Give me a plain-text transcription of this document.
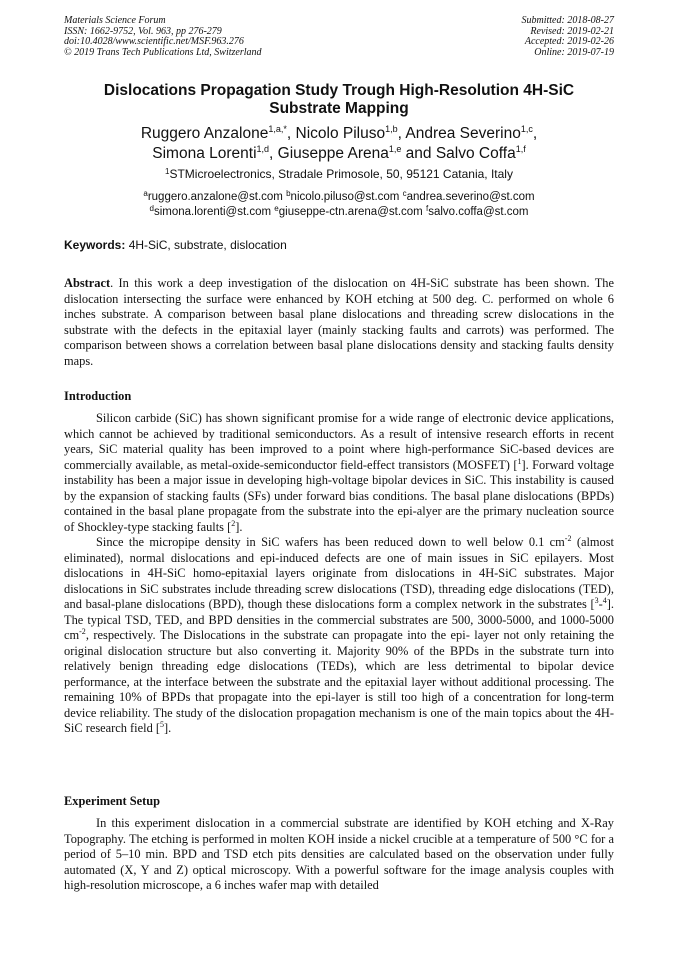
Materials Science Forum
ISSN: 1662-9752, Vol. 963, pp 276-279
doi:10.4028/www.scientific.net/MSF.963.276
© 2019 Trans Tech Publications Ltd, Switzerland
Submitted: 2018-08-27
Revised: 2019-02-21
Accepted: 2019-02-26
Online: 2019-07-19
Dislocations Propagation Study Trough High-Resolution 4H-SiC
Substrate Mapping
Ruggero Anzalone$^{1,a,*}$, Nicolo Piluso$^{1,b}$, Andrea Severino$^{1,c}$,
Simona Lorenti$^{1,d}$, Giuseppe Arena$^{1,e}$ and Salvo Coffa$^{1,f}$
$^1$STMicroelectronics, Stradale Primosole, 50, 95121 Catania, Italy
$^a$ruggero.anzalone@st.com $^b$nicolo.piluso@st.com $^c$andrea.severino@st.com
$^d$simona.lorenti@st.com $^e$giuseppe-ctn.arena@st.com $^f$salvo.coffa@st.com
Keywords: 4H-SiC, substrate, dislocation

Abstract. In this work a deep investigation of the dislocation on 4H-SiC substrate has been shown. The dislocation intersecting the surface were enhanced by KOH etching at 500 deg. C. performed on whole 6 inches substrate. A comparison between basal plane dislocations and threading screw dislocations in the substrate with the defects in the epitaxial layer (mainly stacking faults and carrots) was performed. The comparison between shows a correlation between basal plane dislocations density and stacking faults density maps.

Introduction

Silicon carbide (SiC) has shown significant promise for a wide range of electronic device applications, which cannot be achieved by traditional semiconductors. As a result of intensive research efforts in recent years, SiC material quality has been improved to a point where high-performance SiC-based devices are commercially available, as metal-oxide-semiconductor field-effect transistors (MOSFET) [$^1$]. Forward voltage instability has been a major issue in developing high-voltage bipolar devices in SiC. This instability is caused by the expansion of stacking faults (SFs) under forward bias conditions. The basal plane dislocations (BPDs) contained in the basal plane propagate from the substrate into the epi-alyer are the primary nucleation source of Shockley-type stacking faults [$^2$].

Since the micropipe density in SiC wafers has been reduced down to well below 0.1 $cm^{-2}$ (almost eliminated), normal dislocations and epi-induced defects are one of main issues in SiC epilayers. Most dislocations in 4H-SiC homo-epitaxial layers originate from dislocations in 4H-SiC substrates. Major dislocations in SiC substrates include threading screw dislocations (TSD), threading edge dislocations (TED), and basal-plane dislocations (BPD), though these dislocations form a complex network in the substrates [$^3$-$^4$]. The typical TSD, TED, and BPD densities in the commercial substrates are 500, 3000-5000, and 1000-5000 $cm^{-2}$, respectively. The Dislocations in the substrate can propagate into the epi- layer not only retaining the original dislocation structure but also converting it. Majority 90% of the BPDs in the substrate turn into relatively benign threading edge dislocations (TEDs), which are less detrimental to bipolar device performance, at the interface between the substrate and the epitaxial layer without additional processing. The remaining 10% of BPDs that propagate into the epi-layer is still too high of a concentration for long-term device reliability. The study of the dislocation propagation mechanism is one of the main topics about the 4H-SiC research field [$^5$].

Experiment Setup

In this experiment dislocation in a commercial substrate are identified by KOH etching and X-Ray Topography. The etching is performed in molten KOH inside a nickel crucible at a temperature of 500 °C for a period of 5–10 min. BPD and TSD etch pits densities are calculated based on the observation under fully automated (X, Y and Z) optical microscopy. With a powerful software for the image analysis couples with high-resolution microscope, a 6 inches wafer map with detailed
